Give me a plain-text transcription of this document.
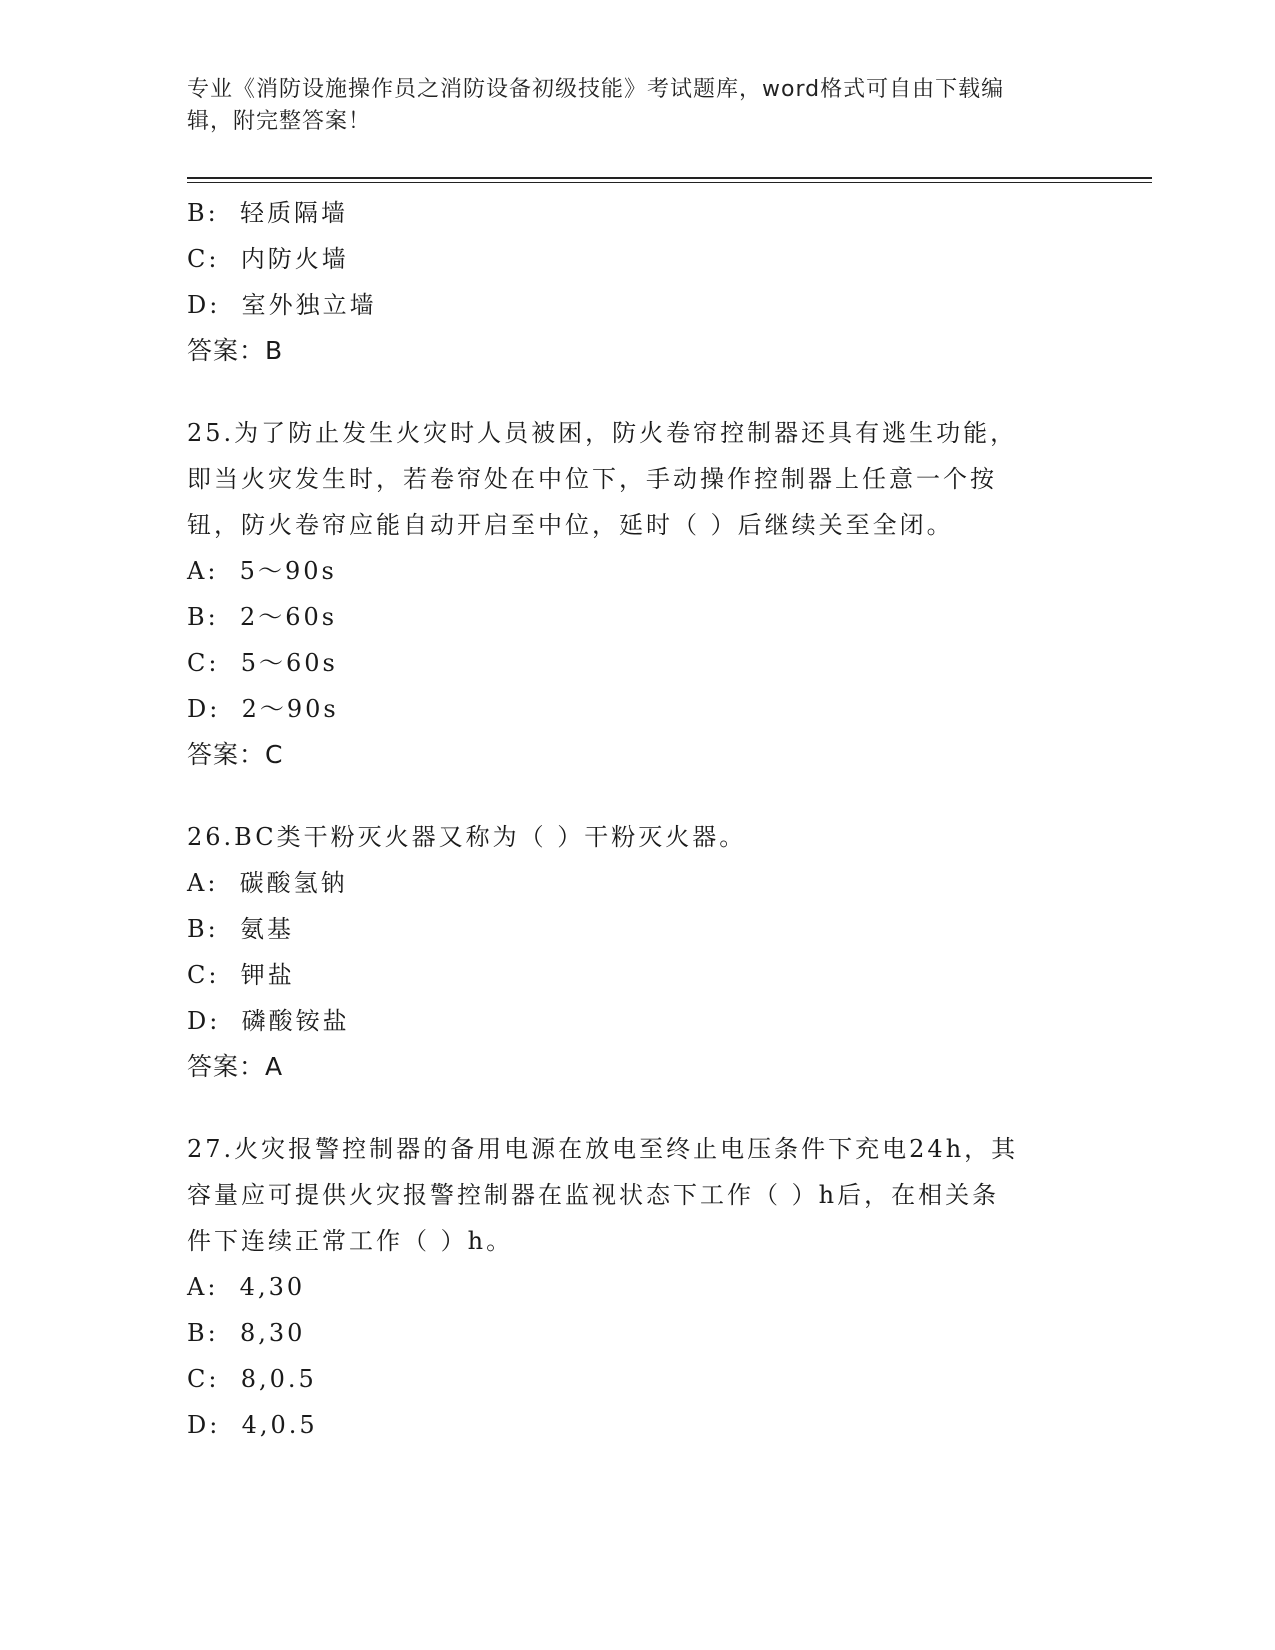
专业《消防设施操作员之消防设备初级技能》考试题库，word格式可自由下载编
辑，附完整答案！
B:  轻质隔墙
C:  内防火墙
D:  室外独立墙
答案：B
25.为了防止发生火灾时人员被困，防火卷帘控制器还具有逃生功能，
即当火灾发生时，若卷帘处在中位下，手动操作控制器上任意一个按
钮，防火卷帘应能自动开启至中位，延时（ ）后继续关至全闭。
A:  5～90s
B:  2～60s
C:  5～60s
D:  2～90s
答案：C
26.BC类干粉灭火器又称为（ ）干粉灭火器。
A:  碳酸氢钠
B:  氨基
C:  钾盐
D:  磷酸铵盐
答案：A
27.火灾报警控制器的备用电源在放电至终止电压条件下充电24h，其
容量应可提供火灾报警控制器在监视状态下工作（ ）h后，在相关条
件下连续正常工作（ ）h。
A:  4,30
B:  8,30
C:  8,0.5
D:  4,0.5
